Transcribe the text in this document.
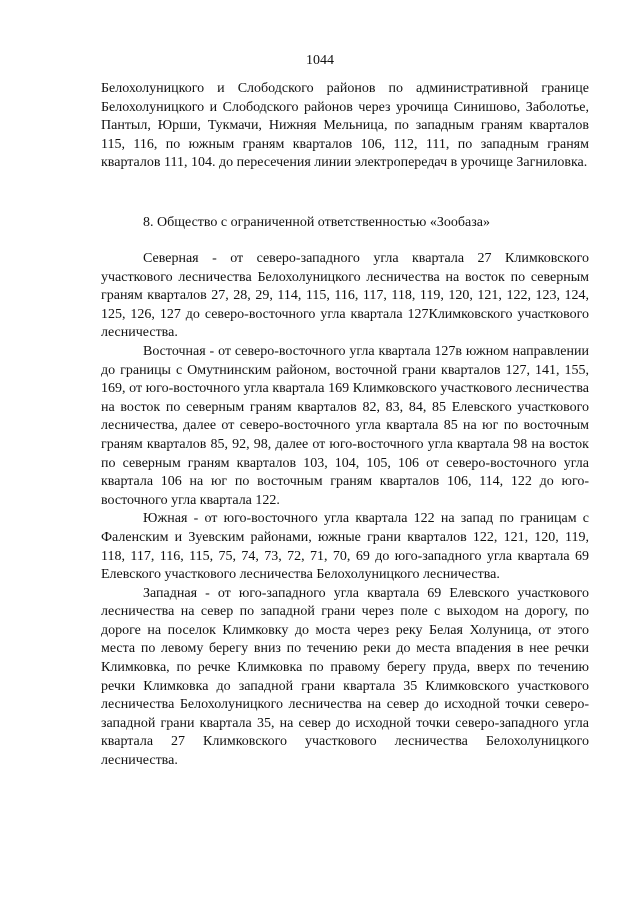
1044

Белохолуницкого и Слободского районов по административной границе Белохолуницкого и Слободского районов через урочища Синишово, Заболотье, Пантыл, Юрши, Тукмачи, Нижняя Мельница, по западным граням кварталов 115, 116, по южным граням кварталов 106, 112, 111, по западным граням кварталов 111, 104. до пересечения линии электропередач в урочище Загниловка.

8. Общество с ограниченной ответственностью «Зообаза»

Северная - от северо-западного угла квартала 27 Климковского участкового лесничества Белохолуницкого лесничества на восток по северным граням кварталов 27, 28, 29, 114, 115, 116, 117, 118, 119, 120, 121, 122, 123, 124, 125, 126, 127 до северо-восточного угла квартала 127Климковского участкового лесничества.

Восточная - от северо-восточного угла квартала 127в южном направлении до границы с Омутнинским районом, восточной грани кварталов 127, 141, 155, 169, от юго-восточного угла квартала 169 Климковского участкового лесничества на восток по северным граням кварталов 82, 83, 84, 85 Елевского участкового лесничества, далее от северо-восточного угла квартала 85 на юг по восточным граням кварталов 85, 92, 98, далее от юго-восточного угла квартала 98 на восток по северным граням кварталов 103, 104, 105, 106 от северо-восточного угла квартала 106 на юг по восточным граням кварталов 106, 114, 122 до юго-восточного угла квартала 122.

Южная - от юго-восточного угла квартала 122 на запад по границам с Фаленским и Зуевским районами, южные грани кварталов 122, 121, 120, 119, 118, 117, 116, 115, 75, 74, 73, 72, 71, 70, 69 до юго-западного угла квартала 69 Елевского участкового лесничества Белохолуницкого лесничества.

Западная - от юго-западного угла квартала 69 Елевского участкового лесничества на север по западной грани через поле с выходом на дорогу, по дороге на поселок Климковку до моста через реку Белая Холуница, от этого места по левому берегу вниз по течению реки до места впадения в нее речки Климковка, по речке Климковка по правому берегу пруда, вверх по течению речки Климковка до западной грани квартала 35 Климковского участкового лесничества Белохолуницкого лесничества на север до исходной точки северо-западной грани квартала 35, на север до исходной точки северо-западного угла квартала 27 Климковского участкового лесничества Белохолуницкого лесничества.
